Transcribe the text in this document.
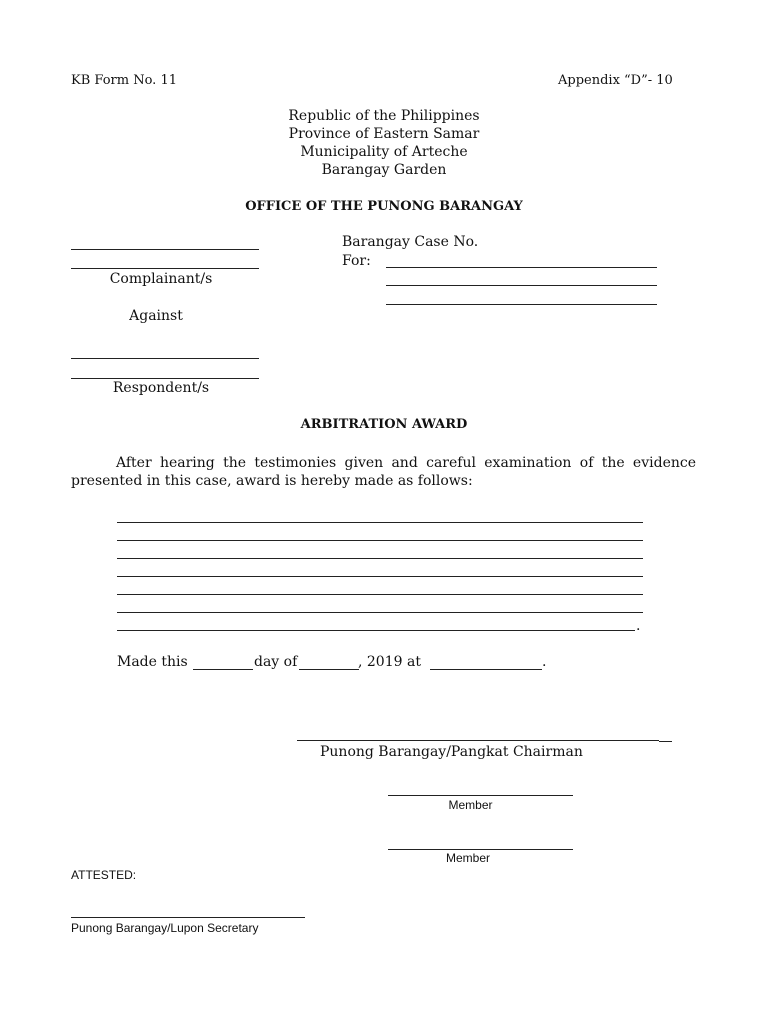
KB Form No. 11	Appendix “D”- 10
Republic of the Philippines
Province of Eastern Samar
Municipality of Arteche
Barangay Garden
OFFICE OF THE PUNONG BARANGAY
Complainant/s
Against
Respondent/s
Barangay Case No.
For:
ARBITRATION AWARD
After hearing the testimonies given and careful examination of the evidence presented in this case, award is hereby made as follows:
.
Made this	day of	, 2019 at	.
Punong Barangay/Pangkat Chairman
Member
Member
ATTESTED:
Punong Barangay/Lupon Secretary
